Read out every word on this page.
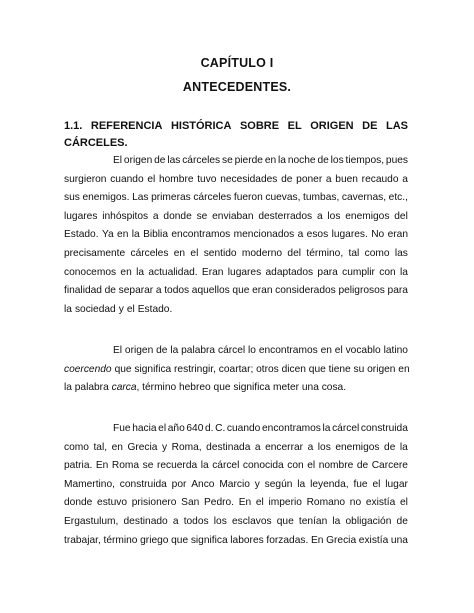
CAPÍTULO I
ANTECEDENTES.
1.1. REFERENCIA HISTÓRICA SOBRE EL ORIGEN DE LAS
CÁRCELES.
El origen de las cárceles se pierde en la noche de los tiempos, pues
surgieron cuando el hombre tuvo necesidades de poner a buen recaudo a
sus enemigos. Las primeras cárceles fueron cuevas, tumbas, cavernas, etc.,
lugares inhóspitos a donde se enviaban desterrados a los enemigos del
Estado. Ya en la Biblia encontramos mencionados a esos lugares. No eran
precisamente cárceles en el sentido moderno del término, tal como las
conocemos en la actualidad. Eran lugares adaptados para cumplir con la
finalidad de separar a todos aquellos que eran considerados peligrosos para
la sociedad y el Estado.
El origen de la palabra cárcel lo encontramos en el vocablo latino
coercendo que significa restringir, coartar; otros dicen que tiene su origen en
la palabra
carca , término hebreo que significa meter una cosa.
Fue hacia el año 640 d. C. cuando encontramos la cárcel construida
como tal, en Grecia y Roma, destinada a encerrar a los enemigos de la
patria. En Roma se recuerda la cárcel conocida con el nombre de Carcere
Mamertino, construida por Anco Marcio y según la leyenda, fue el lugar
donde estuvo prisionero San Pedro. En el imperio Romano no existía el
Ergastulum, destinado a todos los esclavos que tenían la obligación de
trabajar, término griego que significa labores forzadas. En Grecia existía una
